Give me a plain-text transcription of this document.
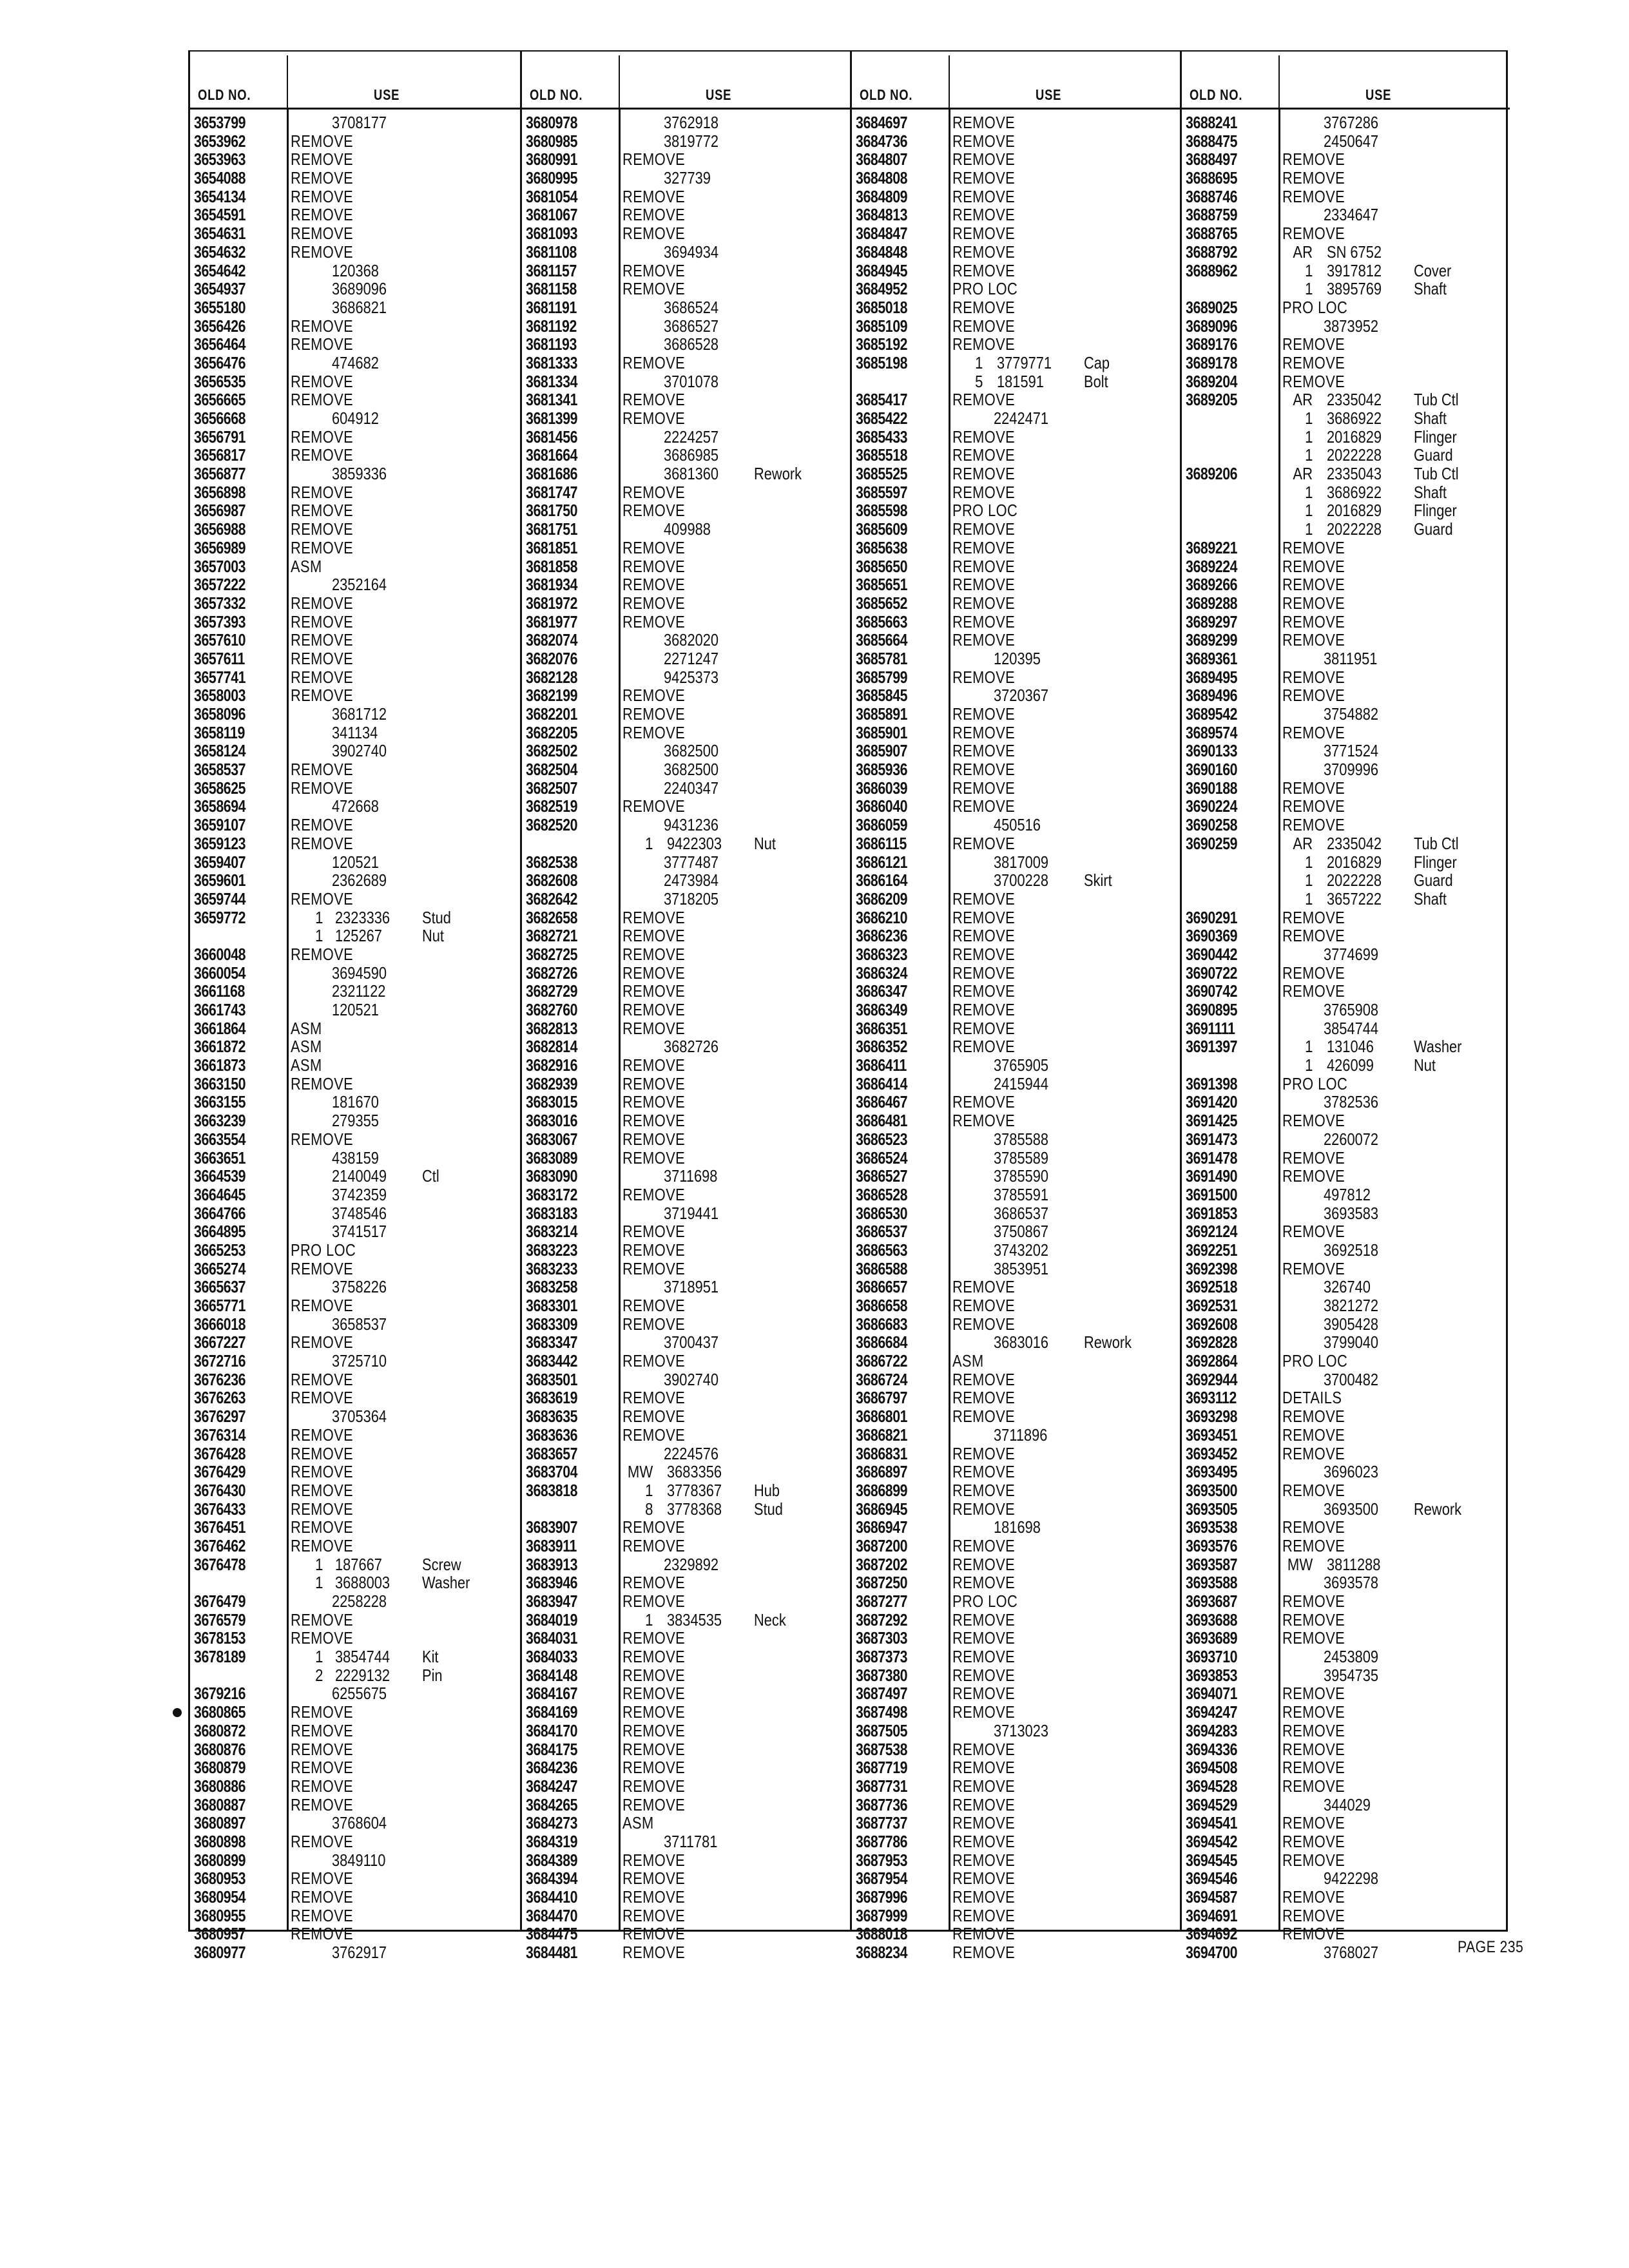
OLD NO.	USE
3653799	3708177
3653962	REMOVE
3653963	REMOVE
3654088	REMOVE
3654134	REMOVE
3654591	REMOVE
3654631	REMOVE
3654632	REMOVE
3654642	120368
3654937	3689096
3655180	3686821
3656426	REMOVE
3656464	REMOVE
3656476	474682
3656535	REMOVE
3656665	REMOVE
3656668	604912
3656791	REMOVE
3656817	REMOVE
3656877	3859336
3656898	REMOVE
3656987	REMOVE
3656988	REMOVE
3656989	REMOVE
3657003	ASM
3657222	2352164
3657332	REMOVE
3657393	REMOVE
3657610	REMOVE
3657611	REMOVE
3657741	REMOVE
3658003	REMOVE
3658096	3681712
3658119	341134
3658124	3902740
3658537	REMOVE
3658625	REMOVE
3658694	472668
3659107	REMOVE
3659123	REMOVE
3659407	120521
3659601	2362689
3659744	REMOVE
3659772	1 2323336 Stud
1 125267 Nut
3660048	REMOVE
3660054	3694590
3661168	2321122
3661743	120521
3661864	ASM
3661872	ASM
3661873	ASM
3663150	REMOVE
3663155	181670
3663239	279355
3663554	REMOVE
3663651	438159
3664539	2140049 Ctl
3664645	3742359
3664766	3748546
3664895	3741517
3665253	PRO LOC
3665274	REMOVE
3665637	3758226
3665771	REMOVE
3666018	3658537
3667227	REMOVE
3672716	3725710
3676236	REMOVE
3676263	REMOVE
3676297	3705364
3676314	REMOVE
3676428	REMOVE
3676429	REMOVE
3676430	REMOVE
3676433	REMOVE
3676451	REMOVE
3676462	REMOVE
3676478	1 187667 Screw
1 3688003 Washer
3676479	2258228
3676579	REMOVE
3678153	REMOVE
3678189	1 3854744 Kit
2 2229132 Pin
3679216	6255675
3680865	REMOVE
3680872	REMOVE
3680876	REMOVE
3680879	REMOVE
3680886	REMOVE
3680887	REMOVE
3680897	3768604
3680898	REMOVE
3680899	3849110
3680953	REMOVE
3680954	REMOVE
3680955	REMOVE
3680957	REMOVE
3680977	3762917
OLD NO.	USE
3680978	3762918
3680985	3819772
3680991	REMOVE
3680995	327739
3681054	REMOVE
3681067	REMOVE
3681093	REMOVE
3681108	3694934
3681157	REMOVE
3681158	REMOVE
3681191	3686524
3681192	3686527
3681193	3686528
3681333	REMOVE
3681334	3701078
3681341	REMOVE
3681399	REMOVE
3681456	2224257
3681664	3686985
3681686	3681360 Rework
3681747	REMOVE
3681750	REMOVE
3681751	409988
3681851	REMOVE
3681858	REMOVE
3681934	REMOVE
3681972	REMOVE
3681977	REMOVE
3682074	3682020
3682076	2271247
3682128	9425373
3682199	REMOVE
3682201	REMOVE
3682205	REMOVE
3682502	3682500
3682504	3682500
3682507	2240347
3682519	REMOVE
3682520	9431236
1 9422303 Nut
3682538	3777487
3682608	2473984
3682642	3718205
3682658	REMOVE
3682721	REMOVE
3682725	REMOVE
3682726	REMOVE
3682729	REMOVE
3682760	REMOVE
3682813	REMOVE
3682814	3682726
3682916	REMOVE
3682939	REMOVE
3683015	REMOVE
3683016	REMOVE
3683067	REMOVE
3683089	REMOVE
3683090	3711698
3683172	REMOVE
3683183	3719441
3683214	REMOVE
3683223	REMOVE
3683233	REMOVE
3683258	3718951
3683301	REMOVE
3683309	REMOVE
3683347	3700437
3683442	REMOVE
3683501	3902740
3683619	REMOVE
3683635	REMOVE
3683636	REMOVE
3683657	2224576
3683704	MW 3683356
3683818	1 3778367 Hub
8 3778368 Stud
3683907	REMOVE
3683911	REMOVE
3683913	2329892
3683946	REMOVE
3683947	REMOVE
3684019	1 3834535 Neck
3684031	REMOVE
3684033	REMOVE
3684148	REMOVE
3684167	REMOVE
3684169	REMOVE
3684170	REMOVE
3684175	REMOVE
3684236	REMOVE
3684247	REMOVE
3684265	REMOVE
3684273	ASM
3684319	3711781
3684389	REMOVE
3684394	REMOVE
3684410	REMOVE
3684470	REMOVE
3684475	REMOVE
3684481	REMOVE
OLD NO.	USE
3684697	REMOVE
3684736	REMOVE
3684807	REMOVE
3684808	REMOVE
3684809	REMOVE
3684813	REMOVE
3684847	REMOVE
3684848	REMOVE
3684945	REMOVE
3684952	PRO LOC
3685018	REMOVE
3685109	REMOVE
3685192	REMOVE
3685198	1 3779771 Cap
5 181591 Bolt
3685417	REMOVE
3685422	2242471
3685433	REMOVE
3685518	REMOVE
3685525	REMOVE
3685597	REMOVE
3685598	PRO LOC
3685609	REMOVE
3685638	REMOVE
3685650	REMOVE
3685651	REMOVE
3685652	REMOVE
3685663	REMOVE
3685664	REMOVE
3685781	120395
3685799	REMOVE
3685845	3720367
3685891	REMOVE
3685901	REMOVE
3685907	REMOVE
3685936	REMOVE
3686039	REMOVE
3686040	REMOVE
3686059	450516
3686115	REMOVE
3686121	3817009
3686164	3700228 Skirt
3686209	REMOVE
3686210	REMOVE
3686236	REMOVE
3686323	REMOVE
3686324	REMOVE
3686347	REMOVE
3686349	REMOVE
3686351	REMOVE
3686352	REMOVE
3686411	3765905
3686414	2415944
3686467	REMOVE
3686481	REMOVE
3686523	3785588
3686524	3785589
3686527	3785590
3686528	3785591
3686530	3686537
3686537	3750867
3686563	3743202
3686588	3853951
3686657	REMOVE
3686658	REMOVE
3686683	REMOVE
3686684	3683016 Rework
3686722	ASM
3686724	REMOVE
3686797	REMOVE
3686801	REMOVE
3686821	3711896
3686831	REMOVE
3686897	REMOVE
3686899	REMOVE
3686945	REMOVE
3686947	181698
3687200	REMOVE
3687202	REMOVE
3687250	REMOVE
3687277	PRO LOC
3687292	REMOVE
3687303	REMOVE
3687373	REMOVE
3687380	REMOVE
3687497	REMOVE
3687498	REMOVE
3687505	3713023
3687538	REMOVE
3687719	REMOVE
3687731	REMOVE
3687736	REMOVE
3687737	REMOVE
3687786	REMOVE
3687953	REMOVE
3687954	REMOVE
3687996	REMOVE
3687999	REMOVE
3688018	REMOVE
3688234	REMOVE
OLD NO.	USE
3688241	3767286
3688475	2450647
3688497	REMOVE
3688695	REMOVE
3688746	REMOVE
3688759	2334647
3688765	REMOVE
3688792	AR SN 6752
3688962	1 3917812 Cover
1 3895769 Shaft
3689025	PRO LOC
3689096	3873952
3689176	REMOVE
3689178	REMOVE
3689204	REMOVE
3689205	AR 2335042 Tub Ctl
1 3686922 Shaft
1 2016829 Flinger
1 2022228 Guard
3689206	AR 2335043 Tub Ctl
1 3686922 Shaft
1 2016829 Flinger
1 2022228 Guard
3689221	REMOVE
3689224	REMOVE
3689266	REMOVE
3689288	REMOVE
3689297	REMOVE
3689299	REMOVE
3689361	3811951
3689495	REMOVE
3689496	REMOVE
3689542	3754882
3689574	REMOVE
3690133	3771524
3690160	3709996
3690188	REMOVE
3690224	REMOVE
3690258	REMOVE
3690259	AR 2335042 Tub Ctl
1 2016829 Flinger
1 2022228 Guard
1 3657222 Shaft
3690291	REMOVE
3690369	REMOVE
3690442	3774699
3690722	REMOVE
3690742	REMOVE
3690895	3765908
3691111	3854744
3691397	1 131046 Washer
1 426099 Nut
3691398	PRO LOC
3691420	3782536
3691425	REMOVE
3691473	2260072
3691478	REMOVE
3691490	REMOVE
3691500	497812
3691853	3693583
3692124	REMOVE
3692251	3692518
3692398	REMOVE
3692518	326740
3692531	3821272
3692608	3905428
3692828	3799040
3692864	PRO LOC
3692944	3700482
3693112	DETAILS
3693298	REMOVE
3693451	REMOVE
3693452	REMOVE
3693495	3696023
3693500	REMOVE
3693505	3693500 Rework
3693538	REMOVE
3693576	REMOVE
3693587	MW 3811288
3693588	3693578
3693687	REMOVE
3693688	REMOVE
3693689	REMOVE
3693710	2453809
3693853	3954735
3694071	REMOVE
3694247	REMOVE
3694283	REMOVE
3694336	REMOVE
3694508	REMOVE
3694528	REMOVE
3694529	344029
3694541	REMOVE
3694542	REMOVE
3694545	REMOVE
3694546	9422298
3694587	REMOVE
3694691	REMOVE
3694692	REMOVE
3694700	3768027	PAGE 235
